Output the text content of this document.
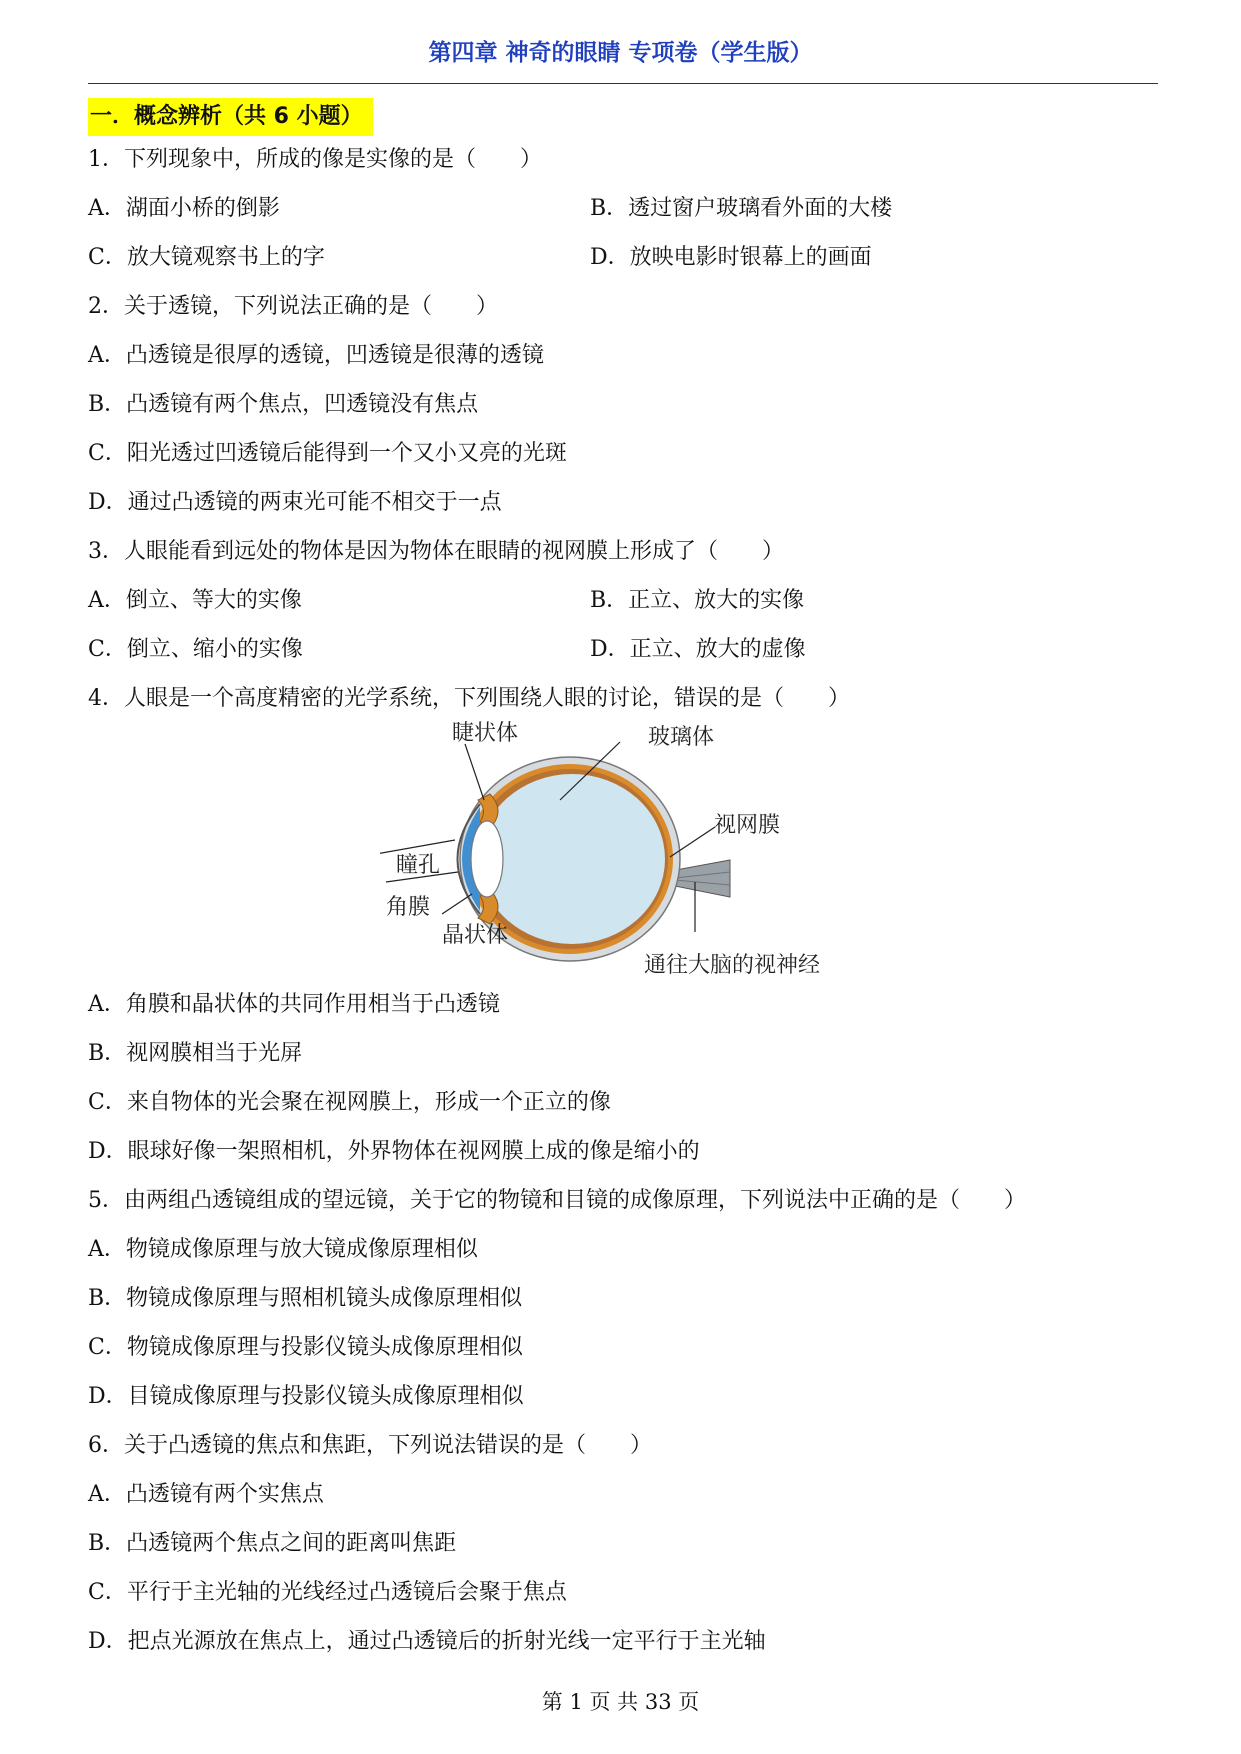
第四章 神奇的眼睛 专项卷（学生版）
一．概念辨析（共 6 小题）
1．下列现象中，所成的像是实像的是（　　）
A．湖面小桥的倒影	B．透过窗户玻璃看外面的大楼
C．放大镜观察书上的字	D．放映电影时银幕上的画面
2．关于透镜，下列说法正确的是（　　）
A．凸透镜是很厚的透镜，凹透镜是很薄的透镜
B．凸透镜有两个焦点，凹透镜没有焦点
C．阳光透过凹透镜后能得到一个又小又亮的光斑
D．通过凸透镜的两束光可能不相交于一点
3．人眼能看到远处的物体是因为物体在眼睛的视网膜上形成了（　　）
A．倒立、等大的实像	B．正立、放大的实像
C．倒立、缩小的实像	D．正立、放大的虚像
4．人眼是一个高度精密的光学系统，下列围绕人眼的讨论，错误的是（　　）
睫状体	玻璃体
视网膜
瞳孔
角膜
晶状体
通往大脑的视神经
A．角膜和晶状体的共同作用相当于凸透镜
B．视网膜相当于光屏
C．来自物体的光会聚在视网膜上，形成一个正立的像
D．眼球好像一架照相机，外界物体在视网膜上成的像是缩小的
5．由两组凸透镜组成的望远镜，关于它的物镜和目镜的成像原理，下列说法中正确的是（　　）
A．物镜成像原理与放大镜成像原理相似
B．物镜成像原理与照相机镜头成像原理相似
C．物镜成像原理与投影仪镜头成像原理相似
D．目镜成像原理与投影仪镜头成像原理相似
6．关于凸透镜的焦点和焦距，下列说法错误的是（　　）
A．凸透镜有两个实焦点
B．凸透镜两个焦点之间的距离叫焦距
C．平行于主光轴的光线经过凸透镜后会聚于焦点
D．把点光源放在焦点上，通过凸透镜后的折射光线一定平行于主光轴
第 1 页 共 33 页
